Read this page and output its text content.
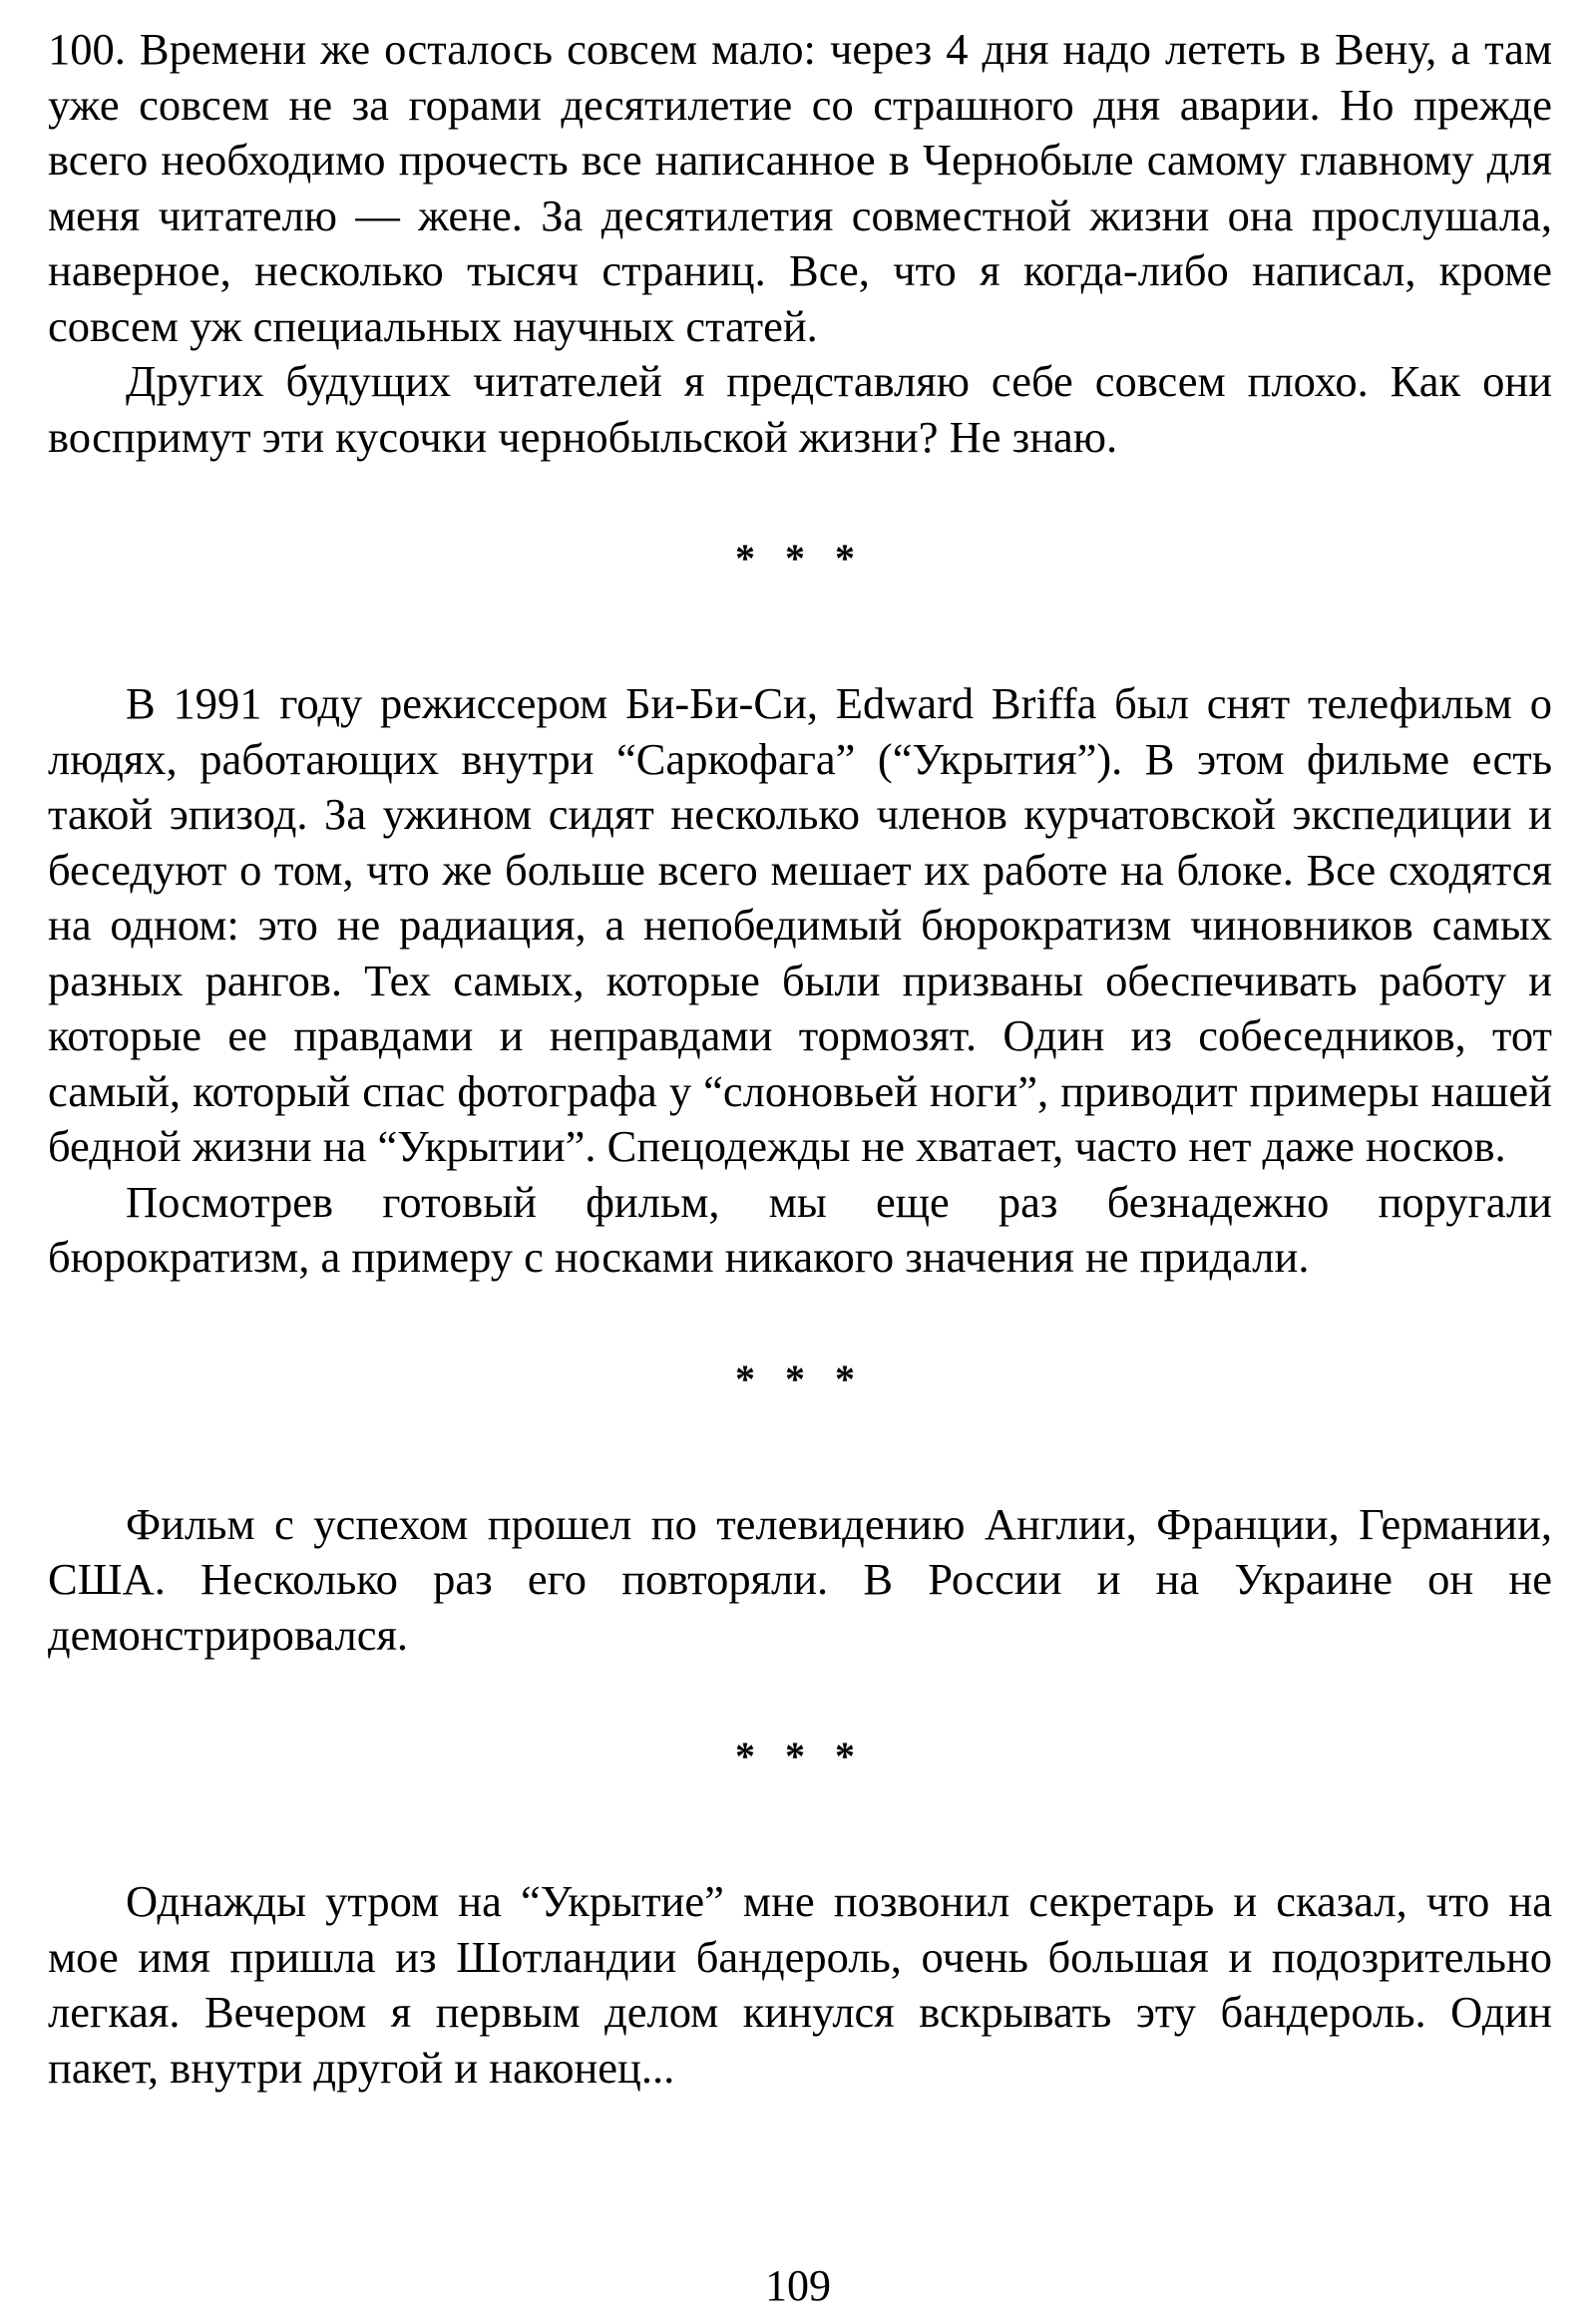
100. Времени же осталось совсем мало: через 4 дня надо лететь в Вену, а там уже совсем не за горами десятилетие со страшного дня аварии. Но прежде всего необходимо прочесть все написанное в Чернобыле самому главному для меня читателю — жене. За десятилетия совместной жизни она прослушала, наверное, несколько тысяч страниц. Все, что я когда-либо написал, кроме совсем уж специальных научных статей.

Других будущих читателей я представляю себе совсем плохо. Как они воспримут эти кусочки чернобыльской жизни? Не знаю.

* * *

В 1991 году режиссером Би-Би-Си, Edward Briffa был снят телефильм о людях, работающих внутри “Саркофага” (“Укрытия”). В этом фильме есть такой эпизод. За ужином сидят несколько членов курчатовской экспедиции и беседуют о том, что же больше всего мешает их работе на блоке. Все сходятся на одном: это не радиация, а непобедимый бюрократизм чиновников самых разных рангов. Тех самых, которые были призваны обеспечивать работу и которые ее правдами и неправдами тормозят. Один из собеседников, тот самый, который спас фотографа у “слоновьей ноги”, приводит примеры нашей бедной жизни на “Укрытии”. Спецодежды не хватает, часто нет даже носков.

Посмотрев готовый фильм, мы еще раз безнадежно поругали бюрократизм, а примеру с носками никакого значения не придали.

* * *

Фильм с успехом прошел по телевидению Англии, Франции, Германии, США. Несколько раз его повторяли. В России и на Украине он не демонстрировался.

* * *

Однажды утром на “Укрытие” мне позвонил секретарь и сказал, что на мое имя пришла из Шотландии бандероль, очень большая и подозрительно легкая. Вечером я первым делом кинулся вскрывать эту бандероль. Один пакет, внутри другой и наконец...

109
